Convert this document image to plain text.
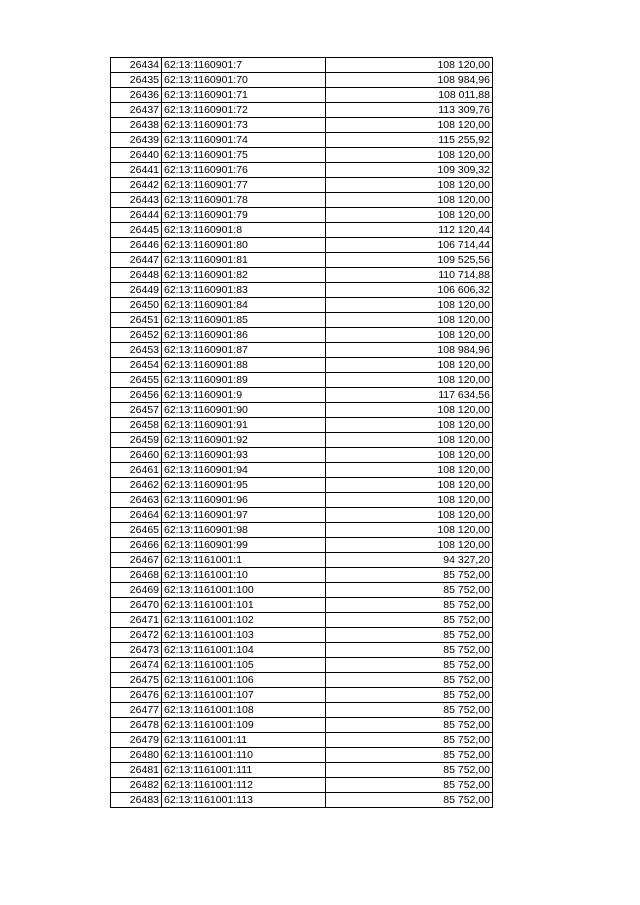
26434	62:13:1160901:7	108 120,00
26435	62:13:1160901:70	108 984,96
26436	62:13:1160901:71	108 011,88
26437	62:13:1160901:72	113 309,76
26438	62:13:1160901:73	108 120,00
26439	62:13:1160901:74	115 255,92
26440	62:13:1160901:75	108 120,00
26441	62:13:1160901:76	109 309,32
26442	62:13:1160901:77	108 120,00
26443	62:13:1160901:78	108 120,00
26444	62:13:1160901:79	108 120,00
26445	62:13:1160901:8	112 120,44
26446	62:13:1160901:80	106 714,44
26447	62:13:1160901:81	109 525,56
26448	62:13:1160901:82	110 714,88
26449	62:13:1160901:83	106 606,32
26450	62:13:1160901:84	108 120,00
26451	62:13:1160901:85	108 120,00
26452	62:13:1160901:86	108 120,00
26453	62:13:1160901:87	108 984,96
26454	62:13:1160901:88	108 120,00
26455	62:13:1160901:89	108 120,00
26456	62:13:1160901:9	117 634,56
26457	62:13:1160901:90	108 120,00
26458	62:13:1160901:91	108 120,00
26459	62:13:1160901:92	108 120,00
26460	62:13:1160901:93	108 120,00
26461	62:13:1160901:94	108 120,00
26462	62:13:1160901:95	108 120,00
26463	62:13:1160901:96	108 120,00
26464	62:13:1160901:97	108 120,00
26465	62:13:1160901:98	108 120,00
26466	62:13:1160901:99	108 120,00
26467	62:13:1161001:1	94 327,20
26468	62:13:1161001:10	85 752,00
26469	62:13:1161001:100	85 752,00
26470	62:13:1161001:101	85 752,00
26471	62:13:1161001:102	85 752,00
26472	62:13:1161001:103	85 752,00
26473	62:13:1161001:104	85 752,00
26474	62:13:1161001:105	85 752,00
26475	62:13:1161001:106	85 752,00
26476	62:13:1161001:107	85 752,00
26477	62:13:1161001:108	85 752,00
26478	62:13:1161001:109	85 752,00
26479	62:13:1161001:11	85 752,00
26480	62:13:1161001:110	85 752,00
26481	62:13:1161001:111	85 752,00
26482	62:13:1161001:112	85 752,00
26483	62:13:1161001:113	85 752,00
